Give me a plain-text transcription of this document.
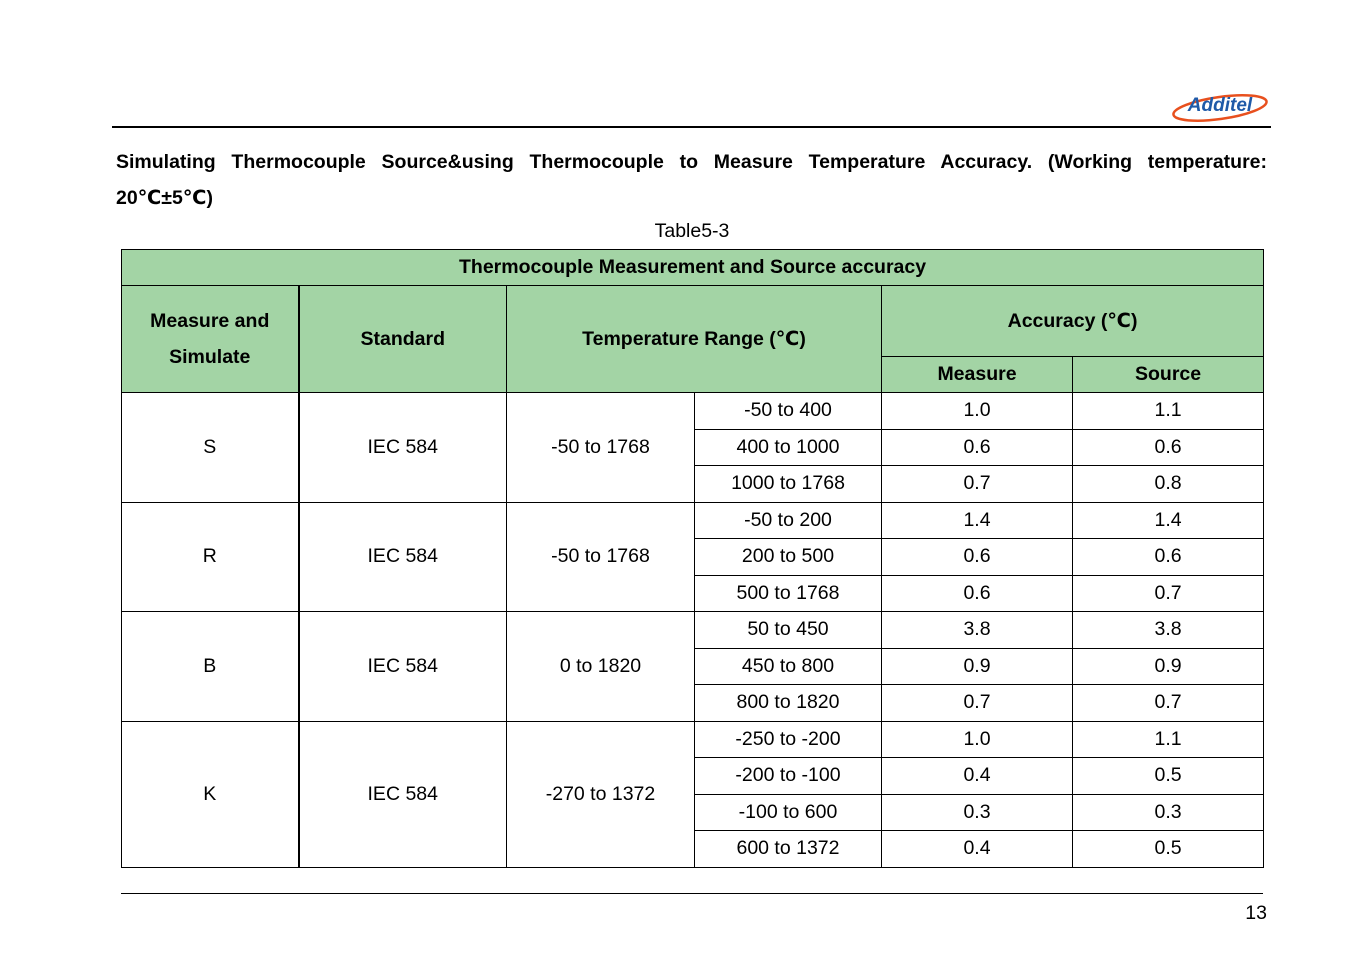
Additel
Simulating Thermocouple Source&using Thermocouple to Measure Temperature Accuracy. (Working temperature:
20℃±5℃)
Table5-3
Thermocouple Measurement and Source accuracy					
Measure and Simulate	Standard	Temperature Range (℃)		Accuracy (℃)	
				Measure	Source
S	IEC 584	-50 to 1768	-50 to 400	1.0	1.1
			400 to 1000	0.6	0.6
			1000 to 1768	0.7	0.8
R	IEC 584	-50 to 1768	-50 to 200	1.4	1.4
			200 to 500	0.6	0.6
			500 to 1768	0.6	0.7
B	IEC 584	0 to 1820	50 to 450	3.8	3.8
			450 to 800	0.9	0.9
			800 to 1820	0.7	0.7
K	IEC 584	-270 to 1372	-250 to -200	1.0	1.1
			-200 to -100	0.4	0.5
			-100 to 600	0.3	0.3
			600 to 1372	0.4	0.5
13
